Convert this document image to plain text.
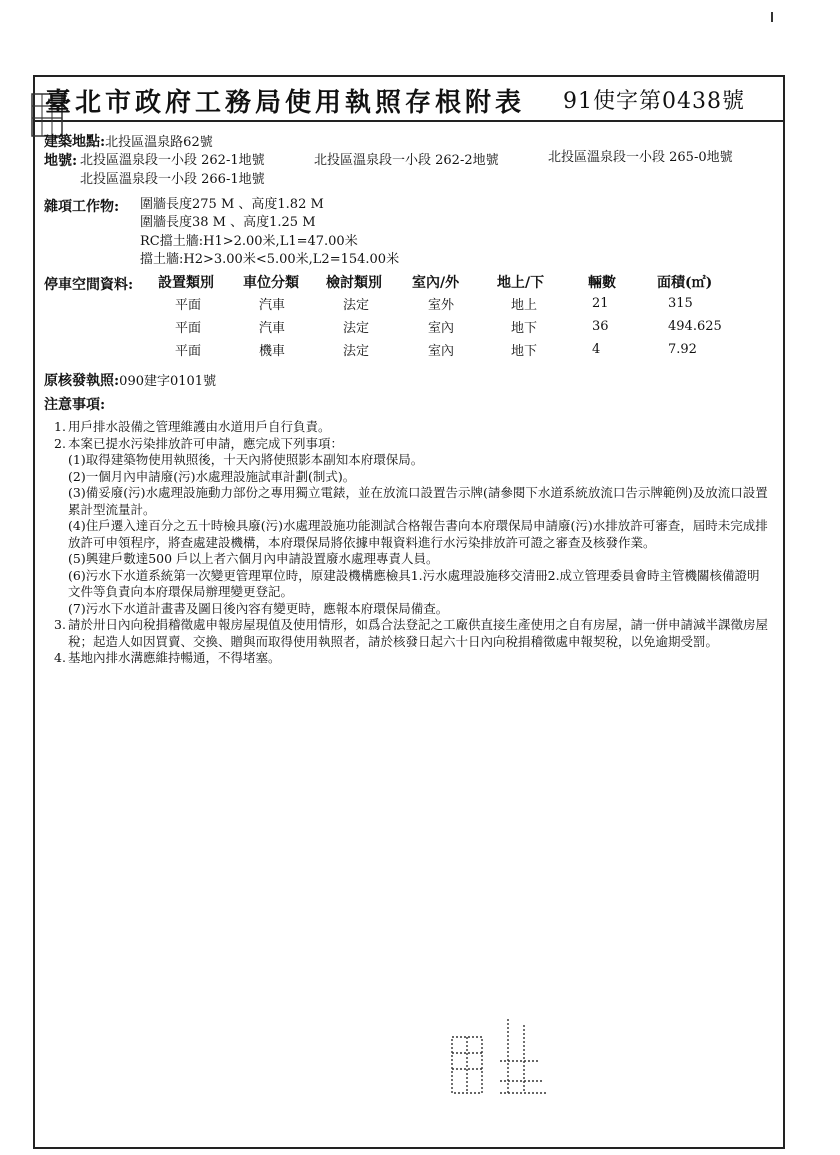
臺北市政府工務局使用執照存根附表 91使字第0438號
建築地點:北投區溫泉路62號
地號: 北投區溫泉段一小段 262-1地號	北投區溫泉段一小段 262-2地號	北投區溫泉段一小段 265-0地號
北投區溫泉段一小段 266-1地號
雜項工作物: 圍牆長度275 M 、高度1.82 M
圍牆長度38 M 、高度1.25 M
RC擋土牆:H1>2.00米,L1=47.00米
擋土牆:H2>3.00米<5.00米,L2=154.00米
停車空間資料: 設置類別 車位分類 檢討類別 室內/外	地上/下	輛數	面積(㎡)
平面	汽車	法定	室外	地上	21	315
平面	汽車	法定	室內	地下	36	494.625
平面	機車	法定	室內	地下	4	7.92
原核發執照:090建字0101號
注意事項:
1. 用戶排水設備之管理維護由水道用戶自行負責。
2. 本案已提水污染排放許可申請，應完成下列事項：
(1)取得建築物使用執照後，十天內將使照影本副知本府環保局。
(2)一個月內申請廢(污)水處理設施試車計劃(制式)。
(3)備妥廢(污)水處理設施動力部份之專用獨立電錶，並在放流口設置告示牌(請參閱下水道系統放流口告示牌範例)及放流口設置累計型流量計。
(4)住戶遷入達百分之五十時檢具廢(污)水處理設施功能測試合格報告書向本府環保局申請廢(污)水排放許可審查，屆時未完成排放許可申領程序，將查處建設機構，本府環保局將依據申報資料進行水污染排放許可證之審查及核發作業。
(5)興建戶數達500 戶以上者六個月內申請設置廢水處理專責人員。
(6)污水下水道系統第一次變更管理單位時，原建設機構應檢具1.污水處理設施移交清冊2.成立管理委員會時主管機關核備證明文件等負責向本府環保局辦理變更登記。
(7)污水下水道計畫書及圖日後內容有變更時，應報本府環保局備查。
3. 請於卅日內向稅捐稽徵處申報房屋現值及使用情形，如爲合法登記之工廠供直接生產使用之自有房屋，請一併申請減半課徵房屋稅；起造人如因買賣、交換、贈與而取得使用執照者，請於核發日起六十日內向稅捐稽徵處申報契稅，以免逾期受罰。
4. 基地內排水溝應維持暢通，不得堵塞。
